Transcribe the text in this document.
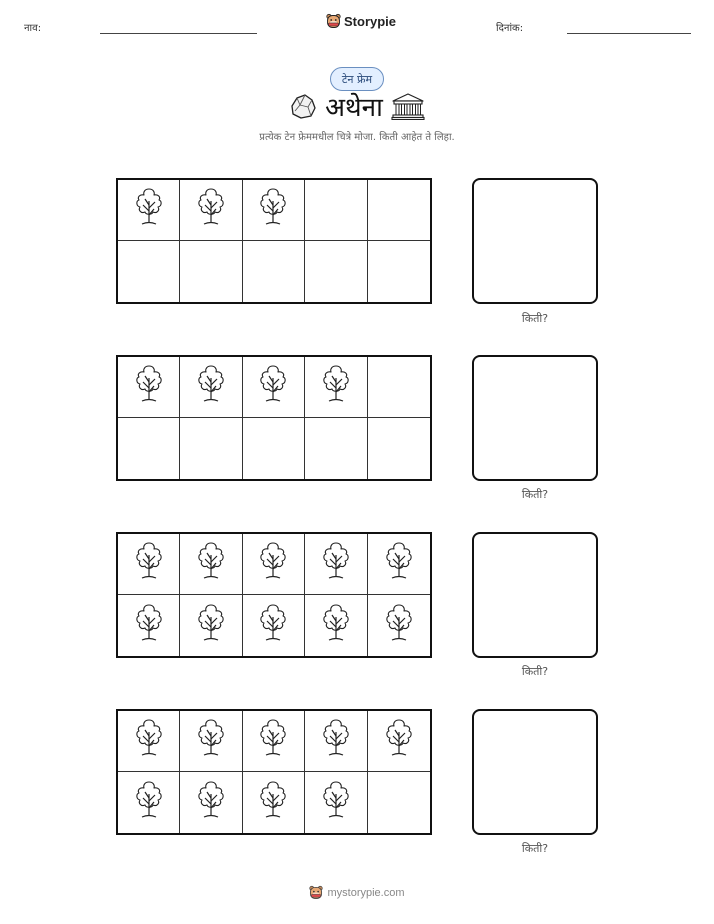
नाव:	Storypie	दिनांक:
टेन फ्रेम
अथेना
प्रत्येक टेन फ्रेममधील चित्रे मोजा. किती आहेत ते लिहा.
किती?
किती?
किती?
किती?
mystorypie.com
